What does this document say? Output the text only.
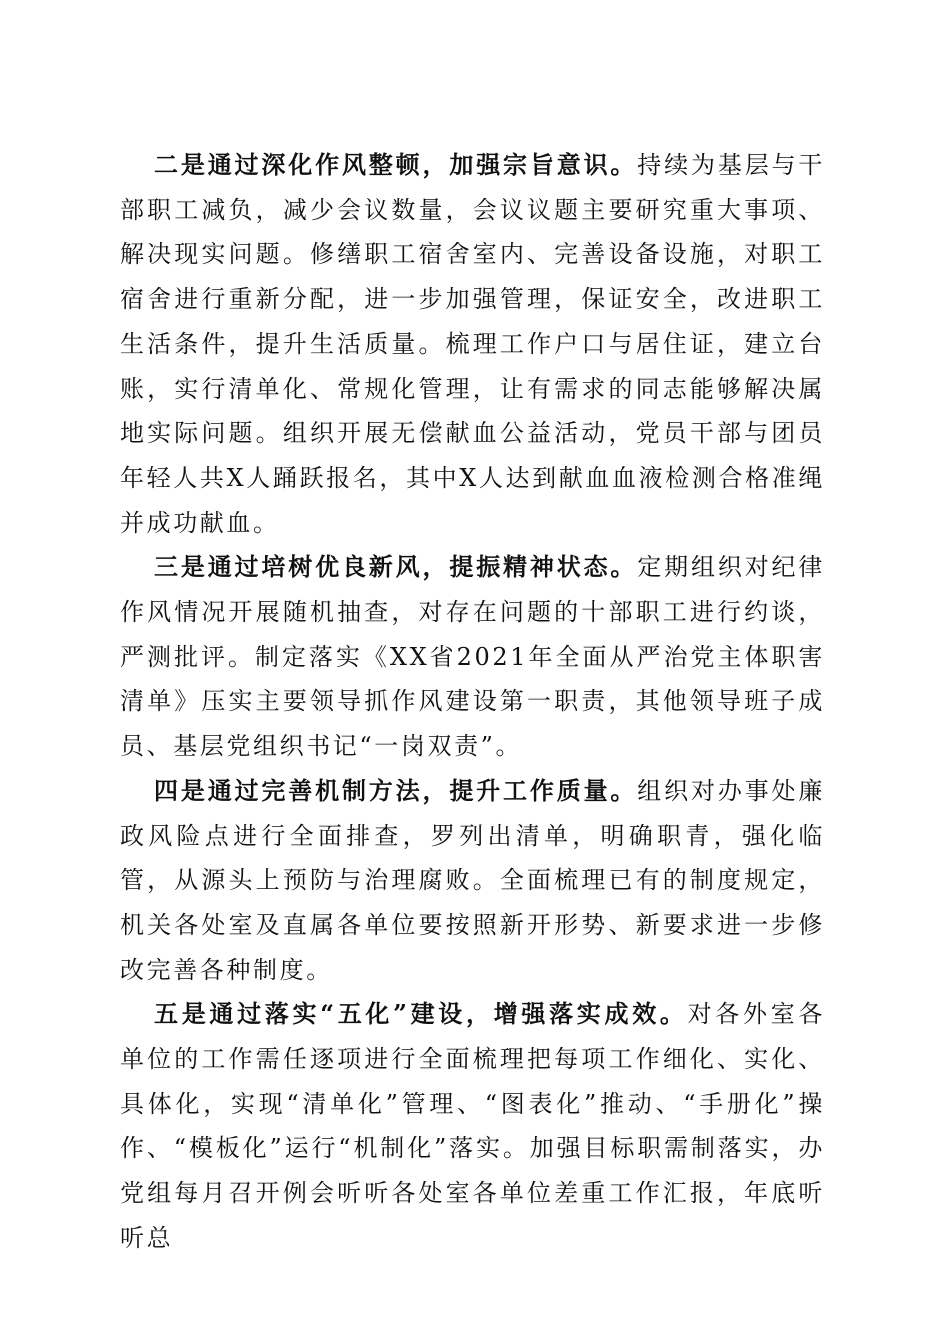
二是通过深化作风整顿，加强宗旨意识。持续为基层与干部职工减负，减少会议数量，会议议题主要研究重大事项、解决现实问题。修缮职工宿舍室内、完善设备设施，对职工宿舍进行重新分配，进一步加强管理，保证安全，改进职工生活条件，提升生活质量。梳理工作户口与居住证，建立台账，实行清单化、常规化管理，让有需求的同志能够解决属地实际问题。组织开展无偿献血公益活动，党员干部与团员年轻人共X人踊跃报名，其中X人达到献血血液检测合格准绳并成功献血。

三是通过培树优良新风，提振精神状态。定期组织对纪律作风情况开展随机抽查，对存在问题的十部职工进行约谈，严测批评。制定落实《XX省2021年全面从严治党主体职害清单》压实主要领导抓作风建设第一职责，其他领导班子成员、基层党组织书记“一岗双责”。

四是通过完善机制方法，提升工作质量。组织对办事处廉政风险点进行全面排查，罗列出清单，明确职青，强化临管，从源头上预防与治理腐败。全面梳理已有的制度规定，机关各处室及直属各单位要按照新开形势、新要求进一步修改完善各种制度。

五是通过落实“五化”建设，增强落实成效。对各外室各单位的工作需任逐项进行全面梳理把每项工作细化、实化、具体化，实现“清单化”管理、“图表化”推动、“手册化”操作、“模板化”运行“机制化”落实。加强目标职需制落实，办党组每月召开例会听听各处室各单位差重工作汇报，年底听听总
